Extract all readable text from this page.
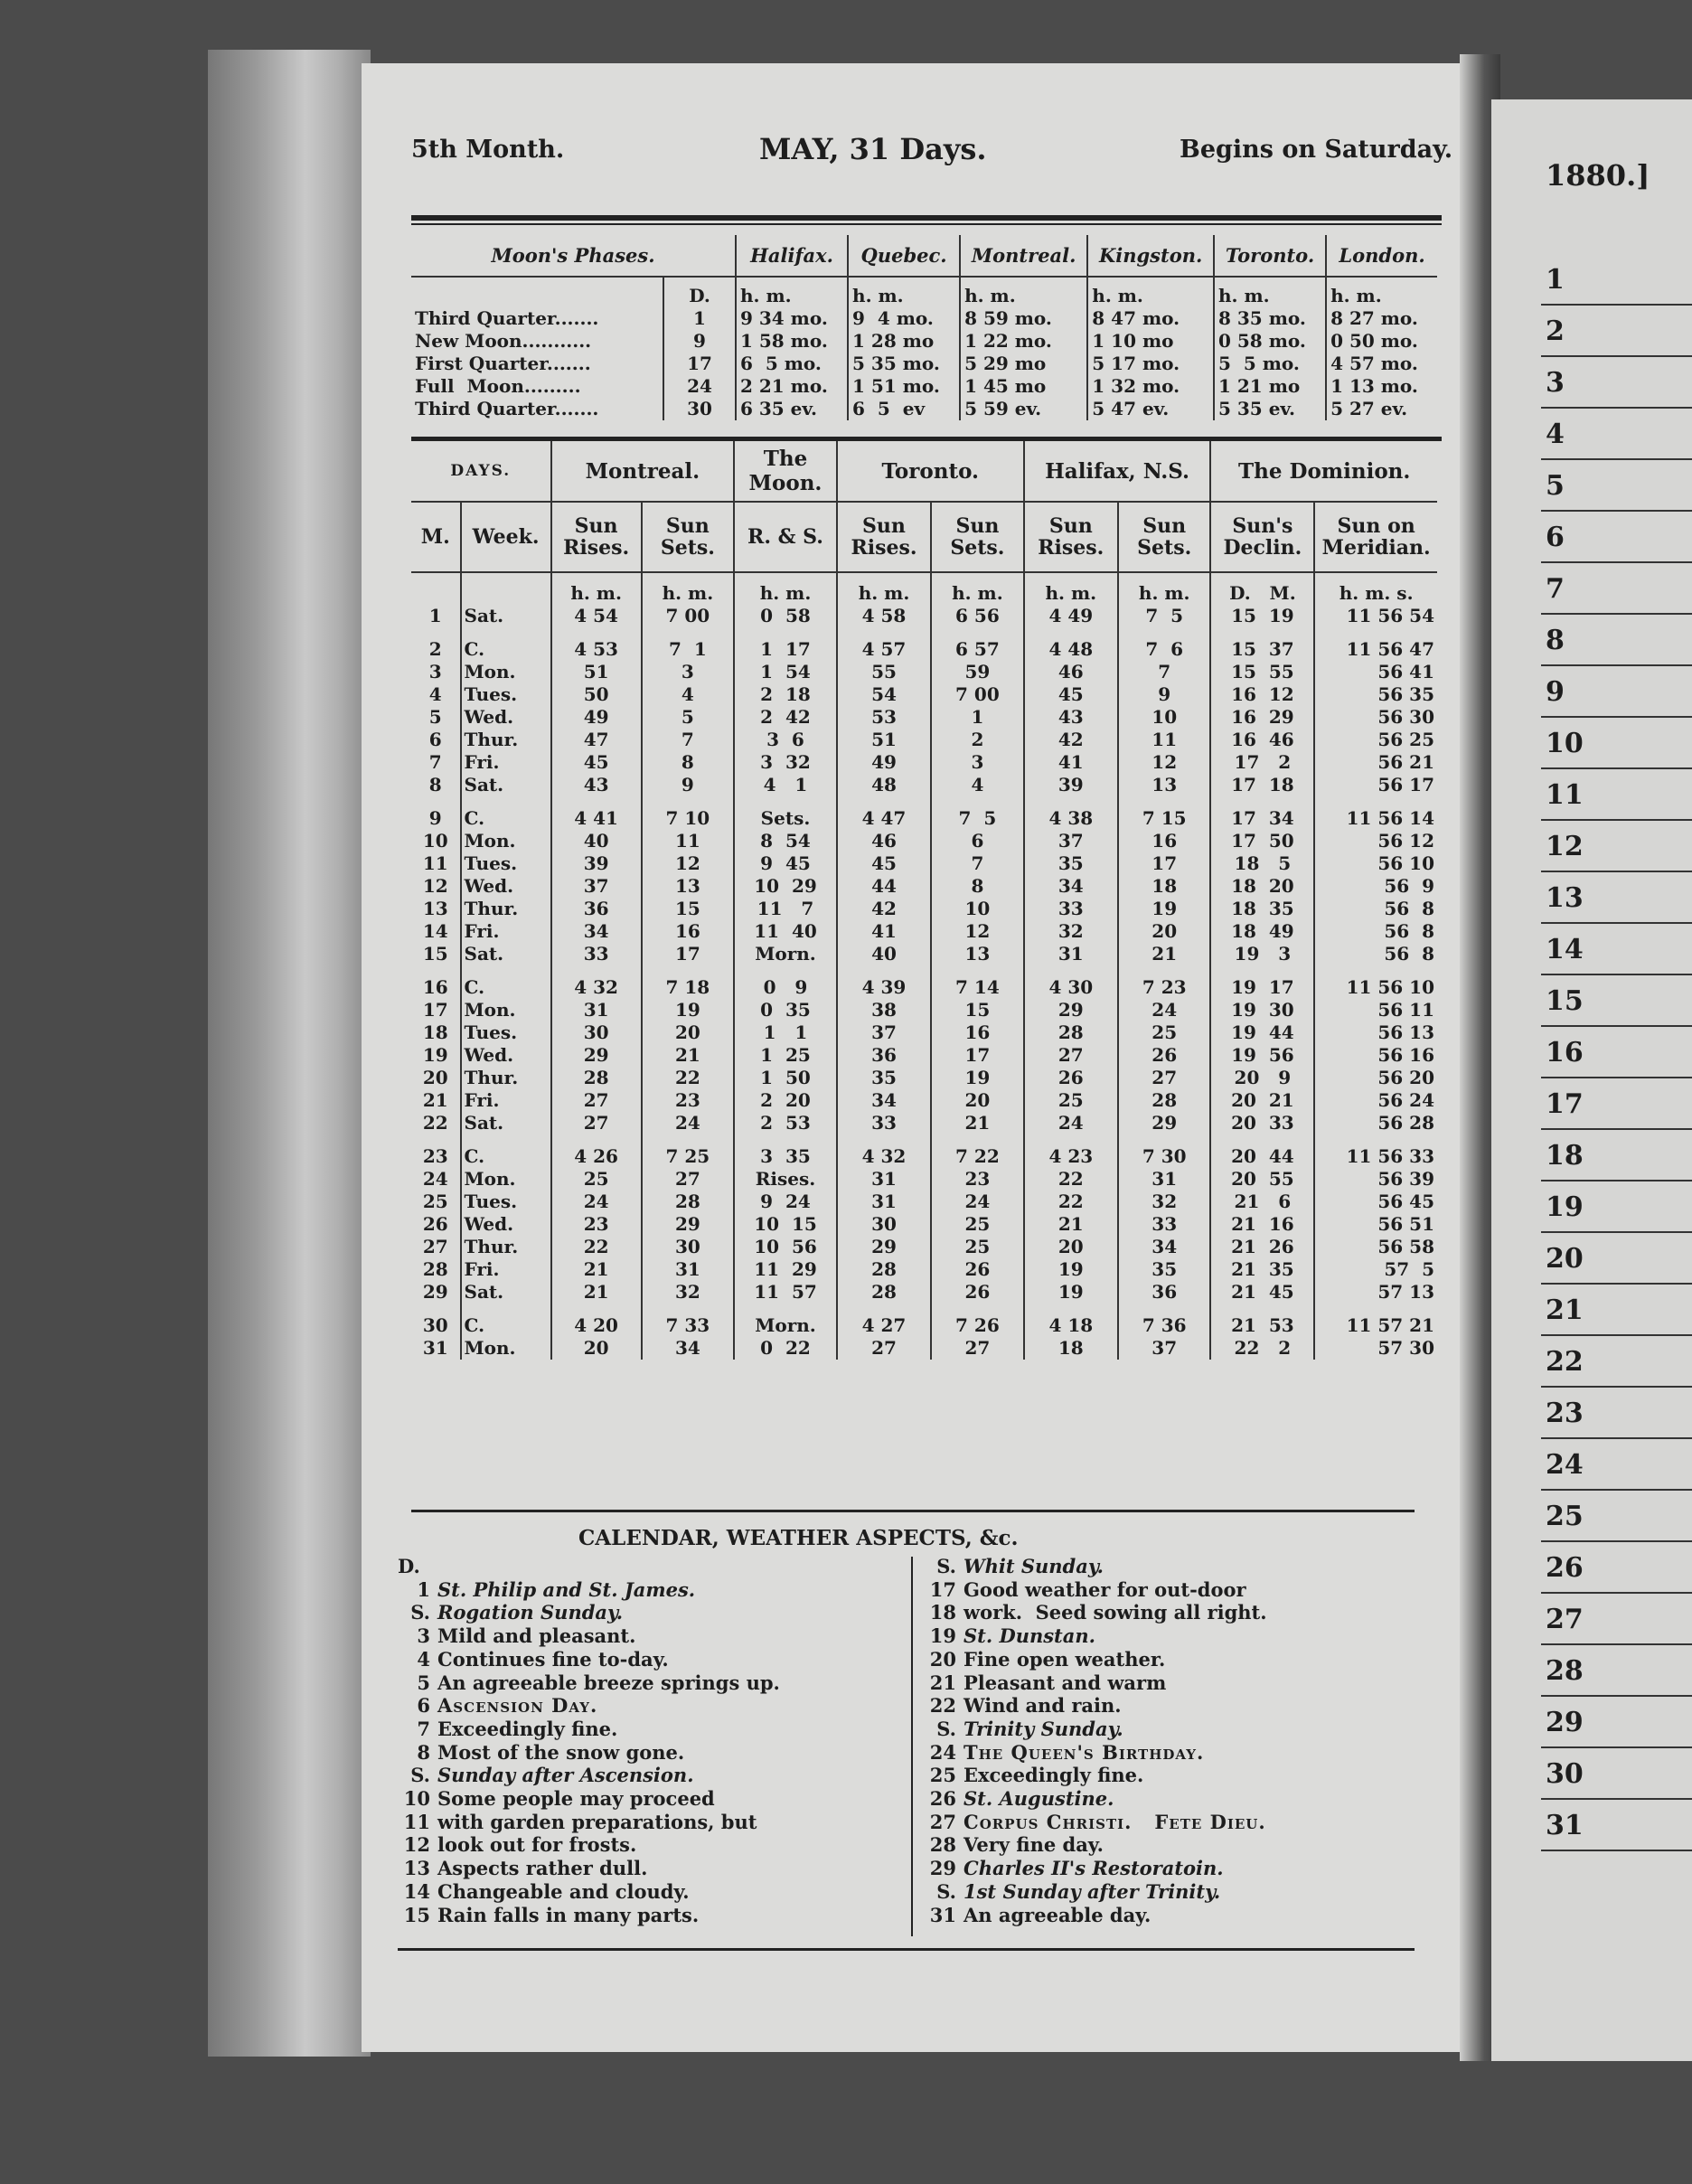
5th Month.	MAY, 31 Days.	Begins on Saturday.
1880.]
Moon's Phases.		Halifax.	Quebec.	Montreal.	Kingston.	Toronto.	London.
	D.	h. m.	h. m.	h. m.	h. m.	h. m.	h. m.
Third Quarter.......	1	9 34 mo.	9  4 mo.	8 59 mo.	8 47 mo.	8 35 mo.	8 27 mo.
New Moon...........	9	1 58 mo.	1 28 mo	1 22 mo.	1 10 mo	0 58 mo.	0 50 mo.
First Quarter.......	17	6  5 mo.	5 35 mo.	5 29 mo	5 17 mo.	5  5 mo.	4 57 mo.
Full  Moon.........	24	2 21 mo.	1 51 mo.	1 45 mo	1 32 mo.	1 21 mo	1 13 mo.
Third Quarter.......	30	6 35 ev.	6  5  ev	5 59 ev.	5 47 ev.	5 35 ev.	5 27 ev.
DAYS.		Montreal.		The Moon.	Toronto.		Halifax, N.S.		The Dominion.	
M.	Week.	Sun Rises.	Sun Sets.	R. & S.	Sun Rises.	Sun Sets.	Sun Rises.	Sun Sets.	Sun's Declin.	Sun on Meridian.
		h. m.	h. m.	h. m.	h. m.	h. m.	h. m.	h. m.	D.   M.	h. m. s.
1	Sat.	4 54	7 00	0  58	4 58	6 56	4 49	7  5	15  19	11 56 54
2	C.	4 53	7  1	1  17	4 57	6 57	4 48	7  6	15  37	11 56 47
3	Mon.	51	3	1  54	55	59	46	7	15  55	56 41
4	Tues.	50	4	2  18	54	7 00	45	9	16  12	56 35
5	Wed.	49	5	2  42	53	1	43	10	16  29	56 30
6	Thur.	47	7	3  6	51	2	42	11	16  46	56 25
7	Fri.	45	8	3  32	49	3	41	12	17   2	56 21
8	Sat.	43	9	4   1	48	4	39	13	17  18	56 17
9	C.	4 41	7 10	Sets.	4 47	7  5	4 38	7 15	17  34	11 56 14
10	Mon.	40	11	8  54	46	6	37	16	17  50	56 12
11	Tues.	39	12	9  45	45	7	35	17	18   5	56 10
12	Wed.	37	13	10  29	44	8	34	18	18  20	56  9
13	Thur.	36	15	11   7	42	10	33	19	18  35	56  8
14	Fri.	34	16	11  40	41	12	32	20	18  49	56  8
15	Sat.	33	17	Morn.	40	13	31	21	19   3	56  8
16	C.	4 32	7 18	0   9	4 39	7 14	4 30	7 23	19  17	11 56 10
17	Mon.	31	19	0  35	38	15	29	24	19  30	56 11
18	Tues.	30	20	1   1	37	16	28	25	19  44	56 13
19	Wed.	29	21	1  25	36	17	27	26	19  56	56 16
20	Thur.	28	22	1  50	35	19	26	27	20   9	56 20
21	Fri.	27	23	2  20	34	20	25	28	20  21	56 24
22	Sat.	27	24	2  53	33	21	24	29	20  33	56 28
23	C.	4 26	7 25	3  35	4 32	7 22	4 23	7 30	20  44	11 56 33
24	Mon.	25	27	Rises.	31	23	22	31	20  55	56 39
25	Tues.	24	28	9  24	31	24	22	32	21   6	56 45
26	Wed.	23	29	10  15	30	25	21	33	21  16	56 51
27	Thur.	22	30	10  56	29	25	20	34	21  26	56 58
28	Fri.	21	31	11  29	28	26	19	35	21  35	57  5
29	Sat.	21	32	11  57	28	26	19	36	21  45	57 13
30	C.	4 20	7 33	Morn.	4 27	7 26	4 18	7 36	21  53	11 57 21
31	Mon.	20	34	0  22	27	27	18	37	22   2	57 30
CALENDAR, WEATHER ASPECTS, &c.
D.
1 St. Philip and St. James.
S. Rogation Sunday.
3 Mild and pleasant.
4 Continues fine to-day.
5 An agreeable breeze springs up.
6 Ascension Day.
7 Exceedingly fine.
8 Most of the snow gone.
S. Sunday after Ascension.
10 Some people may proceed
11 with garden preparations, but
12 look out for frosts.
13 Aspects rather dull.
14 Changeable and cloudy.
15 Rain falls in many parts.
S. Whit Sunday.
17 Good weather for out-door
18 work.  Seed sowing all right.
19 St. Dunstan.
20 Fine open weather.
21 Pleasant and warm
22 Wind and rain.
S. Trinity Sunday.
24 The Queen's Birthday.
25 Exceedingly fine.
26 St. Augustine.
27 Corpus Christi.   Fete Dieu.
28 Very fine day.
29 Charles II's Restoratoin.
S. 1st Sunday after Trinity.
31 An agreeable day.
1
2
3
4
5
6
7
8
9
10
11
12
13
14
15
16
17
18
19
20
21
22
23
24
25
26
27
28
29
30
31
